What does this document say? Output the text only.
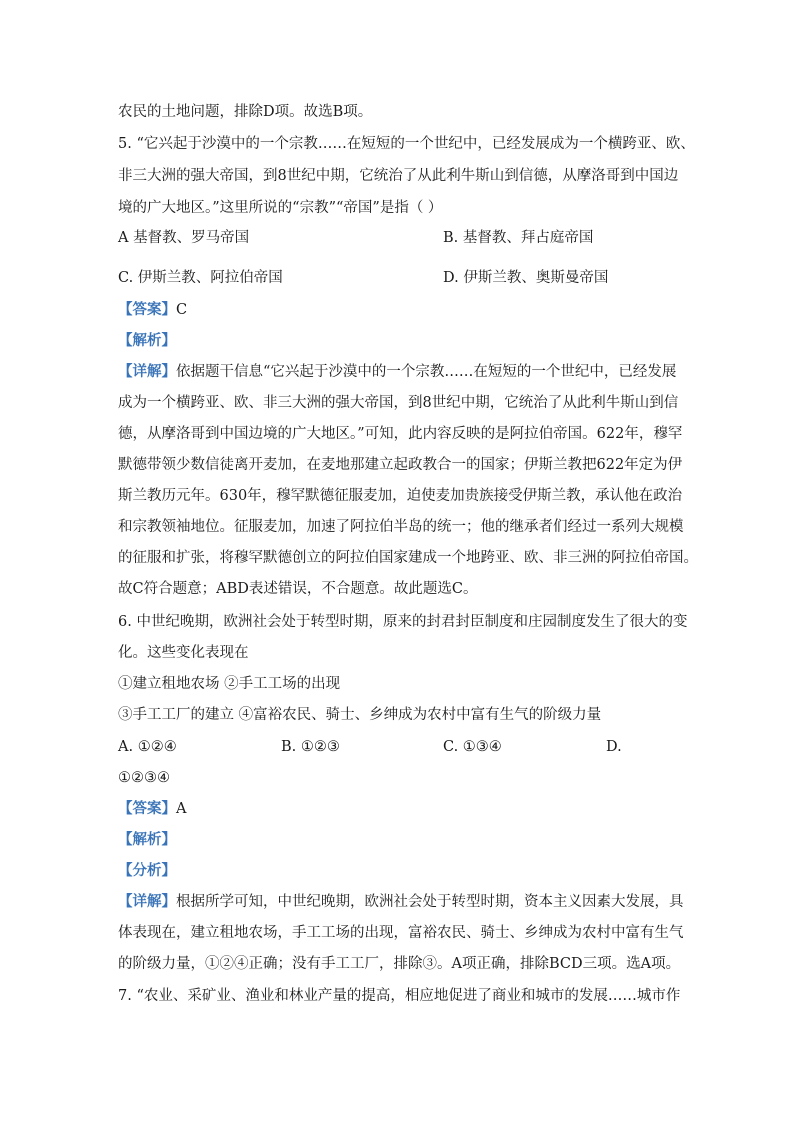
农民的土地问题，排除D项。故选B项。
5. “它兴起于沙漠中的一个宗教……在短短的一个世纪中，已经发展成为一个横跨亚、欧、
非三大洲的强大帝国，到8世纪中期，它统治了从此利牛斯山到信德，从摩洛哥到中国边
境的广大地区。”这里所说的“宗教”“帝国”是指（ ）
A 基督教、罗马帝国	B. 基督教、拜占庭帝国
C. 伊斯兰教、阿拉伯帝国	D. 伊斯兰教、奥斯曼帝国
【答案】C
【解析】
【详解】依据题干信息“它兴起于沙漠中的一个宗教……在短短的一个世纪中，已经发展
成为一个横跨亚、欧、非三大洲的强大帝国，到8世纪中期，它统治了从此利牛斯山到信
德，从摩洛哥到中国边境的广大地区。”可知，此内容反映的是阿拉伯帝国。622年，穆罕
默德带领少数信徒离开麦加，在麦地那建立起政教合一的国家；伊斯兰教把622年定为伊
斯兰教历元年。630年，穆罕默德征服麦加，迫使麦加贵族接受伊斯兰教，承认他在政治
和宗教领袖地位。征服麦加，加速了阿拉伯半岛的统一；他的继承者们经过一系列大规模
的征服和扩张，将穆罕默德创立的阿拉伯国家建成一个地跨亚、欧、非三洲的阿拉伯帝国。
故C符合题意；ABD表述错误，不合题意。故此题选C。
6. 中世纪晚期，欧洲社会处于转型时期，原来的封君封臣制度和庄园制度发生了很大的变
化。这些变化表现在
①建立租地农场 ②手工工场的出现
③手工工厂的建立 ④富裕农民、骑士、乡绅成为农村中富有生气的阶级力量
A. ①②④	B. ①②③	C. ①③④	D.
①②③④
【答案】A
【解析】
【分析】
【详解】根据所学可知，中世纪晚期，欧洲社会处于转型时期，资本主义因素大发展，具
体表现在，建立租地农场，手工工场的出现，富裕农民、骑士、乡绅成为农村中富有生气
的阶级力量，①②④正确；没有手工工厂，排除③。A项正确，排除BCD三项。选A项。
7. “农业、采矿业、渔业和林业产量的提高，相应地促进了商业和城市的发展……城市作
